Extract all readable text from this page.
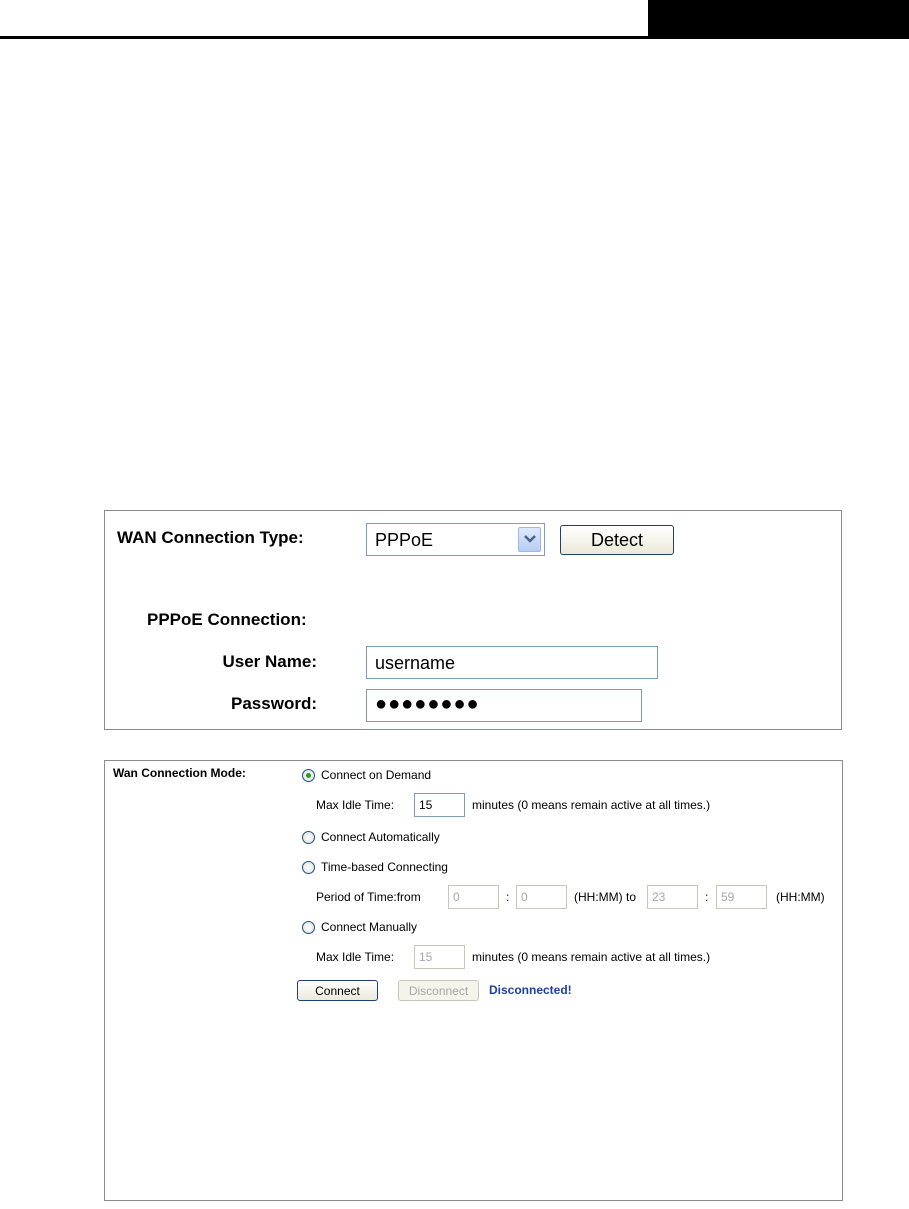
WAN Connection Type:	PPPoE	Detect
PPPoE Connection:
User Name:	username
Password:	●●●●●●●●
Wan Connection Mode:	Connect on Demand
Max Idle Time:	15	minutes (0 means remain active at all times.)
Connect Automatically
Time-based Connecting
Period of Time:from	0	: 0	(HH:MM) to	23	:	59	(HH:MM)
Connect Manually
Max Idle Time:	15	minutes (0 means remain active at all times.)
Connect	Disconnect	Disconnected!
